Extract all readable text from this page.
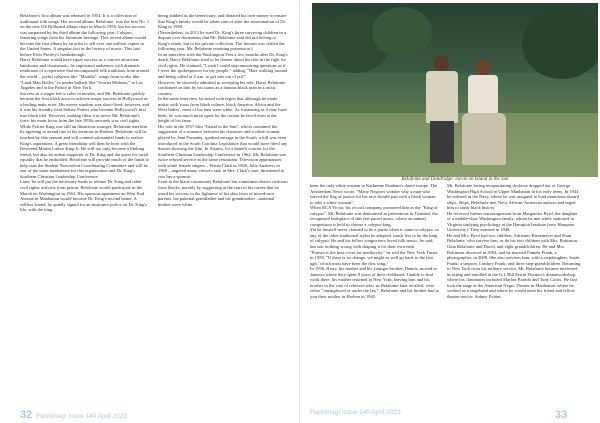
Belafonte's first album was released in 1954. It is a collection of traditional folk songs. His second album, Belafonte, was the first No. 1 on the new US Billboard album chart in March 1956, but his success was surpassed by his third album the following year, Calypso, featuring songs from his Jamaican heritage. This record album would become the first album by an artist to sell over one million copies in the United States. A singular fact in the history of music. This just before Elvis Presley's breakthrough.

Harry Belafonte would have equal success as a concert attraction: handsome and charismatic, he captivated audiences with dramatic renditions of a repertoire that encompassed folk traditions from around the world – joyful calypsos like "Matilda", songs from works like "Land Man Holler," to tender ballads like "Scarlet Ribbons," in Los Angeles and at the Palace in New York.

Success as a singer led to roles in movies, and Mr. Belafonte quickly became the first black actor to achieve major success in Hollywood as a leading male actor. His movie stardom was short-lived, however, and it was his friendly rival Sidney Poitier who became Hollywood's first true black idol. However, making films was never Mr. Belafonte's forte, his main focus from the late 1950s onwards was civil rights.

While Poitier King was still an illustrious stranger, Belafonte met him by agreeing to attend one of his sermons in Harlem. Belafonte will be touched by this sermon and will commit substantial funds to realize King's aspirations. A great friendship will then be born with the Reverend Martin Luther King Jr. He will not only become a lifelong friend, but also an ardent supporter of Dr. King and the quest for racial equality that he embodied. Belafonte will provide much of the funds to help start the Student Nonviolent Coordinating Committee and will be one of the main fundraisers for this organization and Dr. King's Southern Christian Leadership Conference.

Later, he will put the necessary funds to release Dr. King and other civil rights activists from prison. Belafonte would participate in the March on Washington in 1963. His spacious apartment on West End Avenue in Manhattan would become Dr. King's second home. A selfless friend, he quietly signed for an insurance policy on Dr. King's life, with the king

being dubbed as the beneficiary, and donated his own money to ensure that King's family would be taken care of after the assassination of Dr. King in 1968.

(Nevertheless, in 2013 he sued Dr. King's three surviving children in a dispute over documents that Mr. Belafonte said did not belong to King's estate, but to his private collection. The lawsuit was settled the following year, Mr. Belafonte retaining possession.)

In an interview with the Washington Post a few months after Dr. King's death, Harry Belafonte tried to be clearer about his role in the fight for civil rights. He claimed, "I wish I could stop answering questions as if I were the spokesperson for my people," adding, "Hate walking around and being called at 3 a.m. to get cats out of jail."

However, he sincerely admitted to accepting his role, Harry Belafonte confirmed on him by his status as a famous black man in a racist country.

In the same interview, he noted with regret that although he made music with 'roots from black culture, black America, Africa and the West Indies', most of his fans were white. As frustrating as it may have been, he was much more upset by the racism he faced even at the height of his fame.

His role in the 1957 film "Island in the Sun", which contained the suggestion of a romance between his character and a white woman played by Joan Fontaine, sparked outrage in the South: a bill was even introduced in the South Carolina Legislature that would have fined any theater showing the film. In Atlanta, for a benefit concert for the Southern Christian Leadership Conference in 1962, Mr. Belafonte was twice refused service at the same restaurant. Television appearances with white female singers – Petula Clark in 1968, Julie Andrews in 1969 – angered many viewers and, in Mrs. Clark's case, threatened to cost her a sponsor.

Even in the black community Belafonte has sometimes drawn criticism from blacks, notably by suggesting at the start of his career that he owed his success to the lightness of his skin from of mixed-race parents, his paternal grandfather and his grandmother –maternal mother were white.

32 Flashmag! issue 140 April 2023
Belafonte and Dandridge: movie on Island in the Sun

been the only white woman in Katherine Dunham's dance troupe. The Amsterdam News wrote, "Many Negroes wonder why a man who waved the flag of justice for his race should part with a black woman to take a white woman".

When RCA Victor, his record company, promoted him as the "King of calypso", Mr. Belafonte was denounced as pretentious in Trinidad, the recognized birthplace of this fast-paced music, where an annual competition is held to choose a calypso king.

Yet he himself never claimed to be a purist when it came to calypso, or any of the other traditional styles he adopted, much less to be the king of calypso. He and his fellow songwriters loved folk music, he said, but saw nothing wrong with shaping it for their own ends.

"Purism is the best cover for mediocrity," he told the New York Times in 1959. "If there is no change, we might as well go back to the first ugh,' which must have been the first song."

In 1930, Harry, his mother and his younger brother, Dennis, moved to Jamaica where they spent 8 years of their childhood. Unable to find work there, his mother returned to New York, leaving him and his brother in the care of relatives who, as Belafonte later recalled, were either "unemployed or under the law". Belafonte and his brother had to join their mother in Harlem in 1940.

Mr. Belafonte facing incapacitating dyslexia dropped out of George Washington High School in Upper Manhattan in his early teens. In 1944 he enlisted in the Navy, where he was assigned to load munitions aboard ships. Ships, Belafonte met Navy African-American authors and urged him to study black history.

He received further encouragement from Marguerite Byrd, the daughter of a middle-class Washington family, whom he met while stationed in Virginia studying psychology at the Hampton Institute (now Hampton University). They married in 1948.

He and Mrs. Byrd had two children, Adrienne Biesemeyer and Shari Belafonte, who survive him, as do his two children with Mrs. Robinson, Gina Belafonte and David, and eight grandchildren. He and Mrs. Robinson divorced in 2004, and he married Pamela Frank, a photographer, in 2008. She also survives him, with a stepdaughter, Sarah Frank; a stepson, Lindsey Frank; and three step-grandchildren. Returning to New York from his military service, Mr. Belafonte became interested in acting and enrolled in the G.I. Bill Erwin Piscator's dramaworkshop, where his classmates included Marlon Brando and Tony Curtis. He first took the stage at the American Negro Theater in Manhattan, where he worked as a stagehand and where he would meet his friend and fellow theater novice, Sidney Poitier.

Flashmag! issue 140 April 2023	33
